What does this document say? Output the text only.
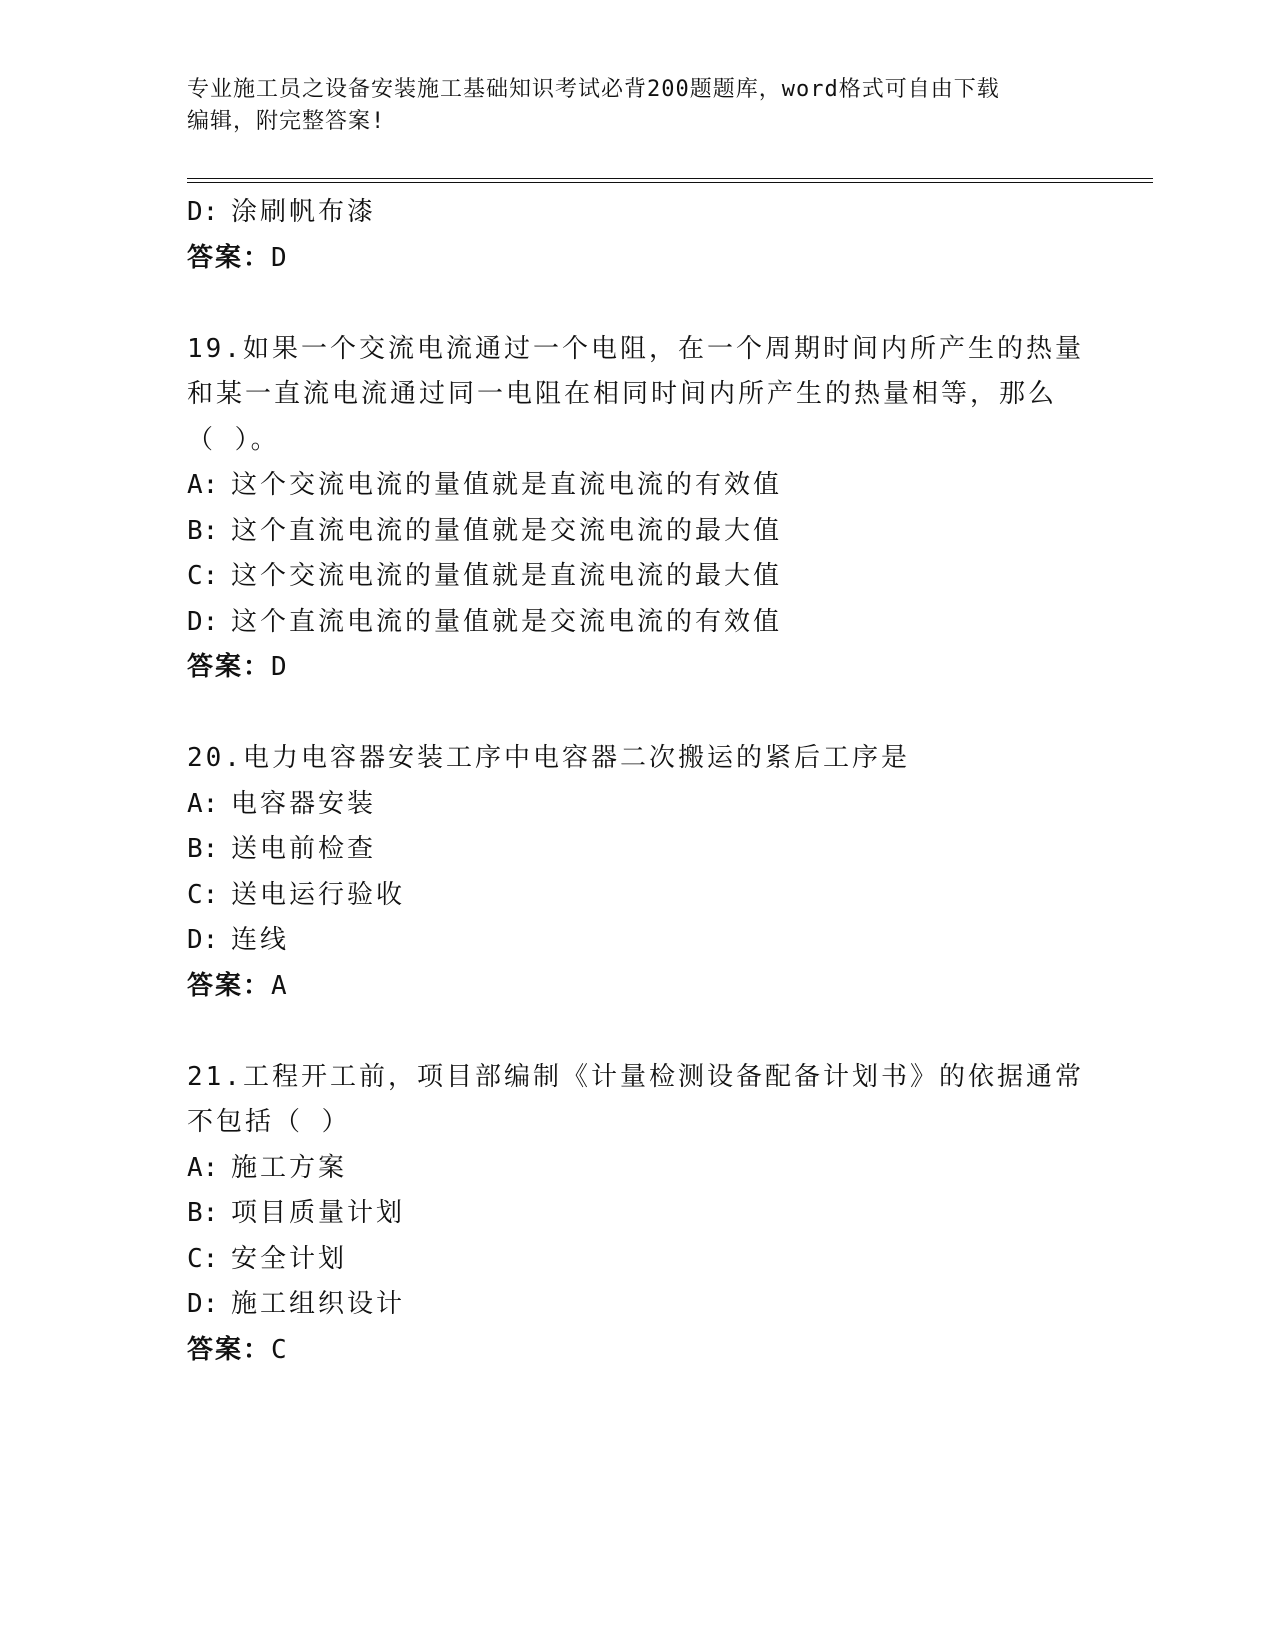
专业施工员之设备安装施工基础知识考试必背200题题库，word格式可自由下载
编辑，附完整答案!
D: 涂刷帆布漆
答案：D
19.如果一个交流电流通过一个电阻，在一个周期时间内所产生的热量
和某一直流电流通过同一电阻在相同时间内所产生的热量相等，那么
（ ）。
A: 这个交流电流的量值就是直流电流的有效值
B: 这个直流电流的量值就是交流电流的最大值
C: 这个交流电流的量值就是直流电流的最大值
D: 这个直流电流的量值就是交流电流的有效值
答案：D
20.电力电容器安装工序中电容器二次搬运的紧后工序是
A: 电容器安装
B: 送电前检查
C: 送电运行验收
D: 连线
答案：A
21.工程开工前，项目部编制《计量检测设备配备计划书》的依据通常
不包括（ ）
A: 施工方案
B: 项目质量计划
C: 安全计划
D: 施工组织设计
答案：C
